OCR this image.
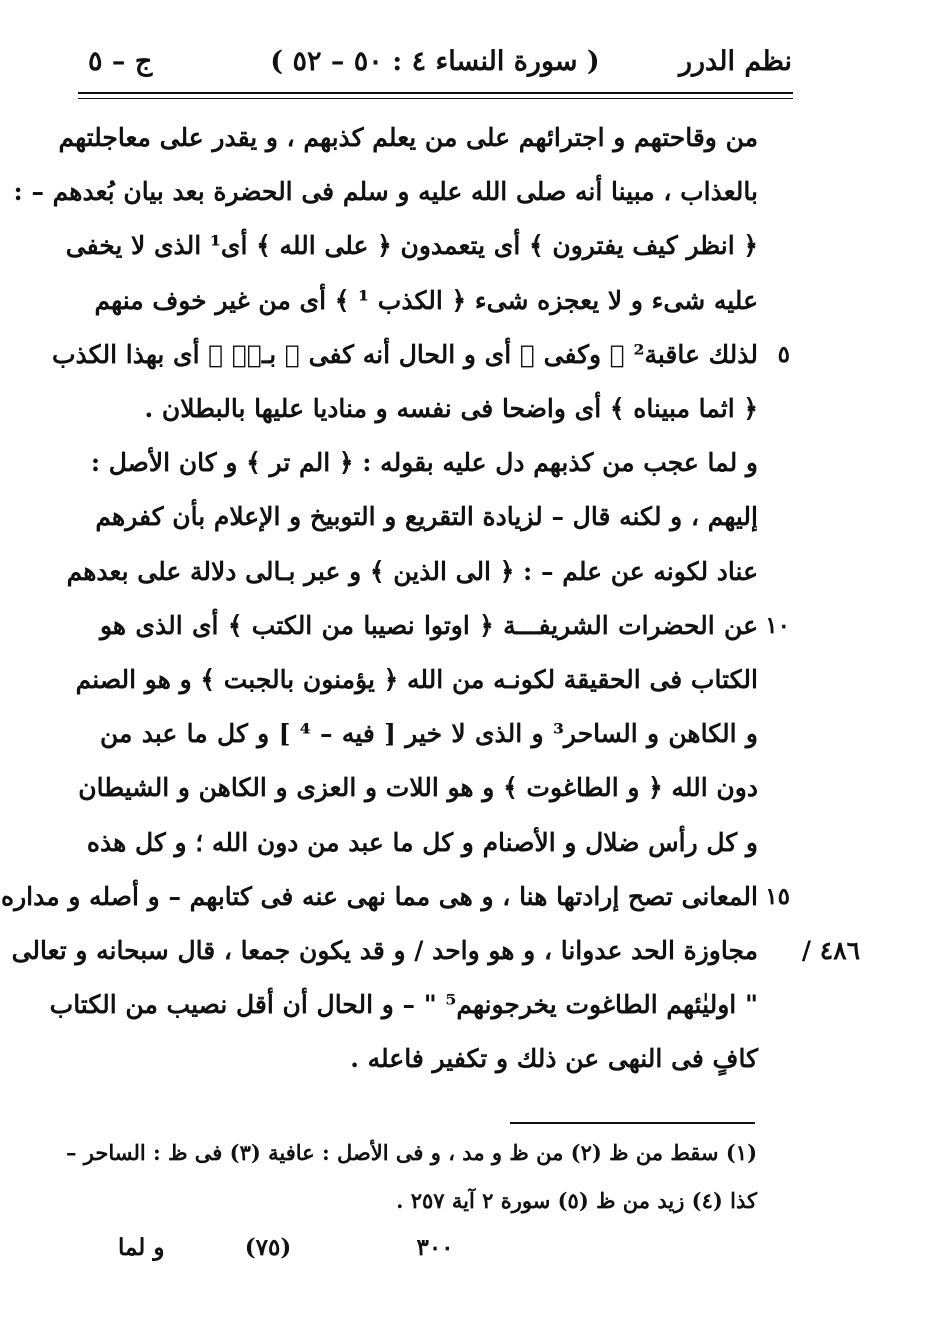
نظم الدرر
( سورة النساء ٤ : ٥٠ – ٥٢ )
ج – ٥
من وقاحتهم و اجترائهم على من يعلم كذبهم ، و يقدر على معاجلتهم
بالعذاب ، مبينا أنه صلى الله عليه و سلم فى الحضرة بعد بيان بُعدهم – :
﴿ انظر كيف يفترون ﴾ أى يتعمدون ﴿ على الله ﴾ أى¹ الذى لا يخفى
عليه شىء و لا يعجزه شىء ﴿ الكذب ¹ ﴾ أى من غير خوف منهم
لذلك عاقبة² ﴿ وكفى ﴾ أى و الحال أنه كفى ﴿ بـهٖ ﴾ أى بهذا الكذب ٥
﴿ اثما مبيناه ﴾ أى واضحا فى نفسه و مناديا عليها بالبطلان .
و لما عجب من كذبهم دل عليه بقوله : ﴿ الم تر ﴾ و كان الأصل :
إليهم ، و لكنه قال – لزيادة التقريع و التوبيخ و الإعلام بأن كفرهم
عناد لكونه عن علم – : ﴿ الى الذين ﴾ و عبر بـالى دلالة على بعدهم
عن الحضرات الشريفـــة ﴿ اوتوا نصيبا من الكتب ﴾ أى الذى هو ١٠
الكتاب فى الحقيقة لكونـه من الله ﴿ يؤمنون بالجبت ﴾ و هو الصنم
و الكاهن و الساحر³ و الذى لا خير [ فيه – ⁴ ] و كل ما عبد من
دون الله ﴿ و الطاغوت ﴾ و هو اللات و العزى و الكاهن و الشيطان
و كل رأس ضلال و الأصنام و كل ما عبد من دون الله ؛ و كل هذه
المعانى تصح إرادتها هنا ، و هى مما نهى عنه فى كتابهم – و أصله و مداره ١٥
مجاوزة الحد عدوانا ، و هو واحد / و قد يكون جمعا ، قال سبحانه و تعالى ٤٨٦ /
" اوليٰئهم الطاغوت يخرجونهم⁵ " – و الحال أن أقل نصيب من الكتاب
كافٍ فى النهى عن ذلك و تكفير فاعله .
(١) سقط من ظ (٢) من ظ و مد ، و فى الأصل : عافية (٣) فى ظ : الساحر –
كذا (٤) زيد من ظ (٥) سورة ٢ آية ٢٥٧ .
و لما	(٧٥)	٣٠٠
